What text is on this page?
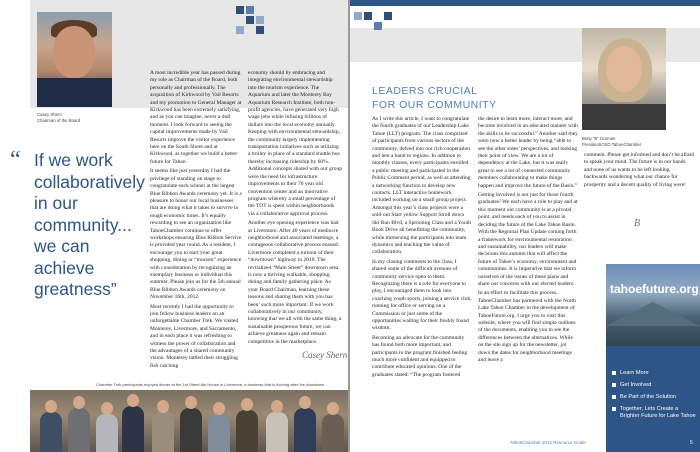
Casey Shern
Chairman of the Board
“ If we work collaboratively in our community... we can achieve greatness”

A most incredible year has passed during my role as Chairman of the Board, both personally and professionally. The acquisition of Kirkwood by Vail Resorts and my promotion to General Manager at Kirkwood has been extremely satisfying, and as you can imagine, never a dull moment. I look forward to seeing the capital improvements made by Vail Resorts improve the visitor experience here on the South Shore and at Kirkwood, as together we build a better future for Tahoe.

It seems like just yesterday I had the privilege of standing on stage to congratulate each winner at the largest Blue Ribbon Awards ceremony yet. It is a pleasure to honor our local businesses that are doing what it takes to survive in tough economic times. It’s equally rewarding to see an organization like TahoeChamber continue to offer workshops ensuring Blue Ribbon Service is provided year round. As a resident, I encourage you to start your great shopping, dining or “tourism” experience with consideration by recognizing an exemplary business or individual this summer. Please join us for the 5th annual Blue Ribbon Awards ceremony on November 16th, 2012.

Most recently I had the opportunity to join fellow business leaders on an unforgettable Chamber Trek. We visited Monterey, Livermore, and Sacramento, and in each place it was refreshing to witness the power of collaboration and the advantages of a shared community vision. Monterey tattled their struggling fish catching

economy should by embracing and integrating environmental stewardship into the tourism experience. The Aquarium and later the Monterey Bay Aquarium Research Institute, both non-profit agencies, have generated very high wage jobs while infusing billions of dollars into the local economy annually. Keeping with environmental stewardship, the community largely implementing transportation initiatives such as utilizing a trolley in place of a standard shuttle bus thereby increasing ridership by 60%. Additional concepts shared with our group were the need for infrastructure improvements to their 70 year old convention center and an innovative program whereby a small percentage of the TOT is spent within neighborhoods via a collaborative approval process.

Another eye opening experience was had at Livermore. After 40 years of mediocre neighborhood and associated meetings, a courageous collaborative process ensued. Livermore completed a turnout of their “downtown” highway in 2010. The revitalized “Main Street” downtown area is now a thriving walkable, shopping, dining and family gathering place. As your Board Chairman, learning these lessons and sharing them with you has been’ such more important. If we work collaboratively in our community, knowing that we all with the same thing, a sustainable prosperous future, we can achieve greatness again and remain competitive in the marketplace.

Casey Shern
Chamber Trek participants enjoyed dinner at the 1st Street Ale House in Livermore, a business that is thriving after the downtown
4
LEADERS CRUCIAL
FOR OUR COMMUNITY
Betty “B” Gorman
President/CEO TahoeChamber

As I write this article, I want to congratulate the fourth graduates of our Leadership Lake Tahoe (LLT) program. The class comprised of participants from various sectors of the community, delved into our rich cooperation and lent a hand to regions. In addition to monthly classes, every participants enrolled a public meeting and participated in the Public Comment period, as well as attending a networking function to develop new contacts. LLT interactive homework included working on a small group project. Amongst this year’s class projects were a sold-out Start yellow Support Stroll down Ski Run Blvd, a Sprouting Class and a Youth Book Drive all benefitting the community, while immersing the participants into team dynamics and teaching the value of collaboration.

In my closing comments to the class, I shared some of the difficult avenues of community service open to them. Recognizing there is a role for everyone to play, I encouraged them to look into coaching youth sports, joining a service club, running for office or serving on a Commission or just some of the opportunities waiting for their freshly found wisdom.

Becoming an advocate for the community has found both more important, and participants in the program finished feeling much more confident and equipped to contribute educated opinions. One of the graduates stated: “The program fostered

the desire to learn more, interact more, and become involved in an educated manner with the skills to be successful.” Another said they were now a better leader by being “able to see the other sides’ perspectives, and looking their point of view. We are a lot of dependency at the Lake, but it was really great to see a lot of connected community members collaborating to make things happen and improve the future of the Basin.”

Getting involved is not just for those fourth graduates! We each have a role to play and at this moment our community is at a pivotal point, and needs each of you to assist in deciding the future of the Lake Tahoe Basin. With the Regional Plan Update coming forth a framework for environmental restoration and sustainability, our leaders will make decisions this autumn that will affect the future of Tahoe’s economy, environment and communities. It is imperative that we inform ourselves of the issues of these plans and share our concerns with our elected leaders.

In an effort to facilitate this process, TahoeChamber has partnered with the North Lake Tahoe Chamber in the development of TahoeFuture.org. I urge you to visit this website, where you will find simple outlines of the documents, enabling you to see the differences between the alternatives. While on the site sign up for the newsletter, jot down the dates for neighborhood meetings and leave a

comment. Please get informed and don’t be afraid to speak your mind. The future is in our hands and none of us wants to be left looking backwards wondering what our chance for prosperity and a decent quality of living were!
B
tahoefuture.org
Learn More
Get Involved
Be Part of the Solution
Together, Lets Create a Brighter Future for Lake Tahoe
TahoeChamber 2012 Resource Guide	5
